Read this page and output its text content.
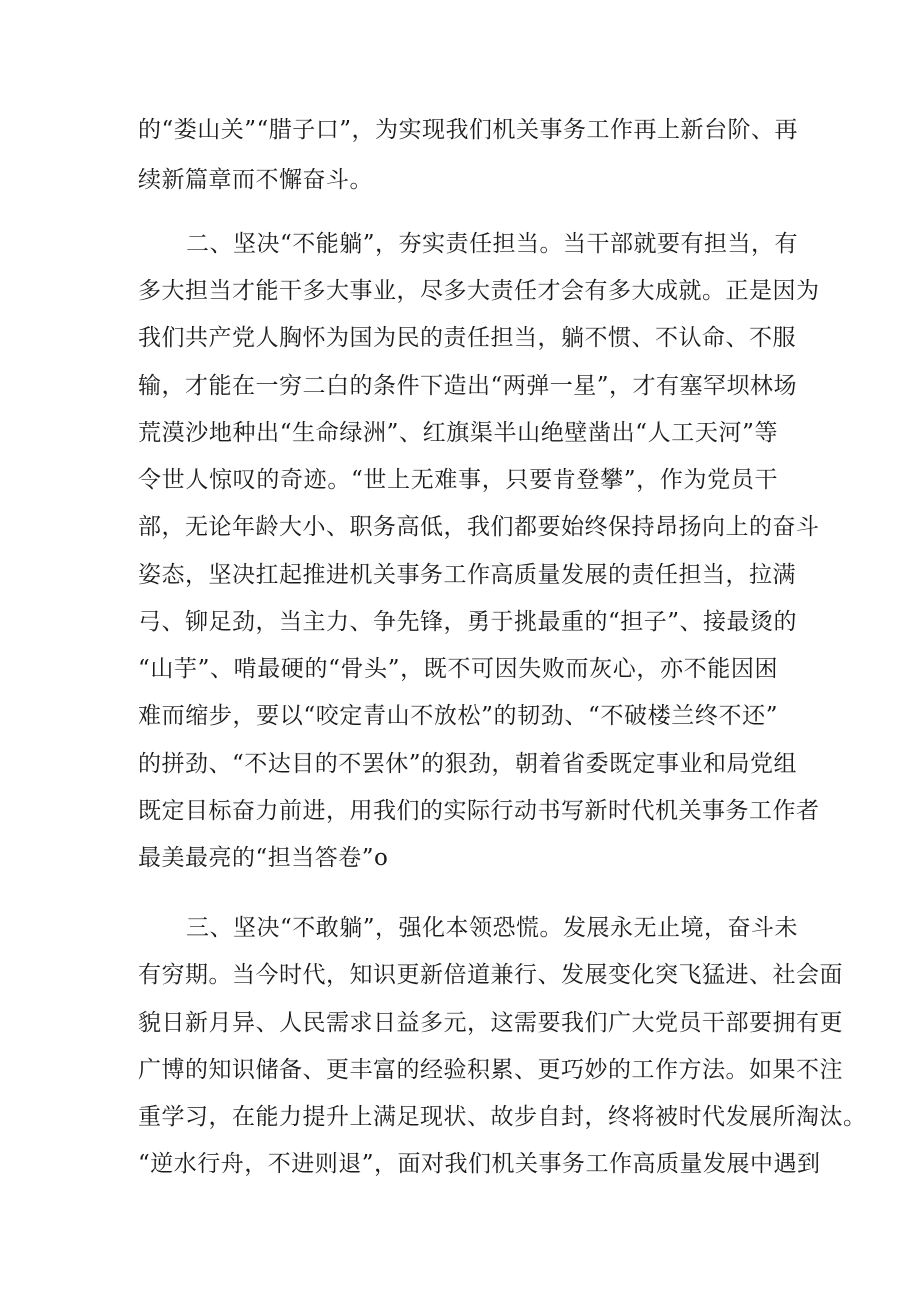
的“娄山关”“腊子口”，为实现我们机关事务工作再上新台阶、再
续新篇章而不懈奋斗。
二、坚决“不能躺”，夯实责任担当。当干部就要有担当，有
多大担当才能干多大事业，尽多大责任才会有多大成就。正是因为
我们共产党人胸怀为国为民的责任担当，躺不惯、不认命、不服
输，才能在一穷二白的条件下造出“两弹一星”，才有塞罕坝林场
荒漠沙地种出“生命绿洲”、红旗渠半山绝壁凿出“人工天河”等
令世人惊叹的奇迹。“世上无难事，只要肯登攀”，作为党员干
部，无论年龄大小、职务高低，我们都要始终保持昂扬向上的奋斗
姿态，坚决扛起推进机关事务工作高质量发展的责任担当，拉满
弓、铆足劲，当主力、争先锋，勇于挑最重的“担子”、接最烫的
“山芋”、啃最硬的“骨头”，既不可因失败而灰心，亦不能因困
难而缩步，要以“咬定青山不放松”的韧劲、“不破楼兰终不还”
的拼劲、“不达目的不罢休”的狠劲，朝着省委既定事业和局党组
既定目标奋力前进，用我们的实际行动书写新时代机关事务工作者
最美最亮的“担当答卷”o
三、坚决“不敢躺”，强化本领恐慌。发展永无止境，奋斗未
有穷期。当今时代，知识更新倍道兼行、发展变化突飞猛进、社会面
貌日新月异、人民需求日益多元，这需要我们广大党员干部要拥有更
广博的知识储备、更丰富的经验积累、更巧妙的工作方法。如果不注
重学习，在能力提升上满足现状、故步自封，终将被时代发展所淘汰。
“逆水行舟，不进则退”，面对我们机关事务工作高质量发展中遇到
